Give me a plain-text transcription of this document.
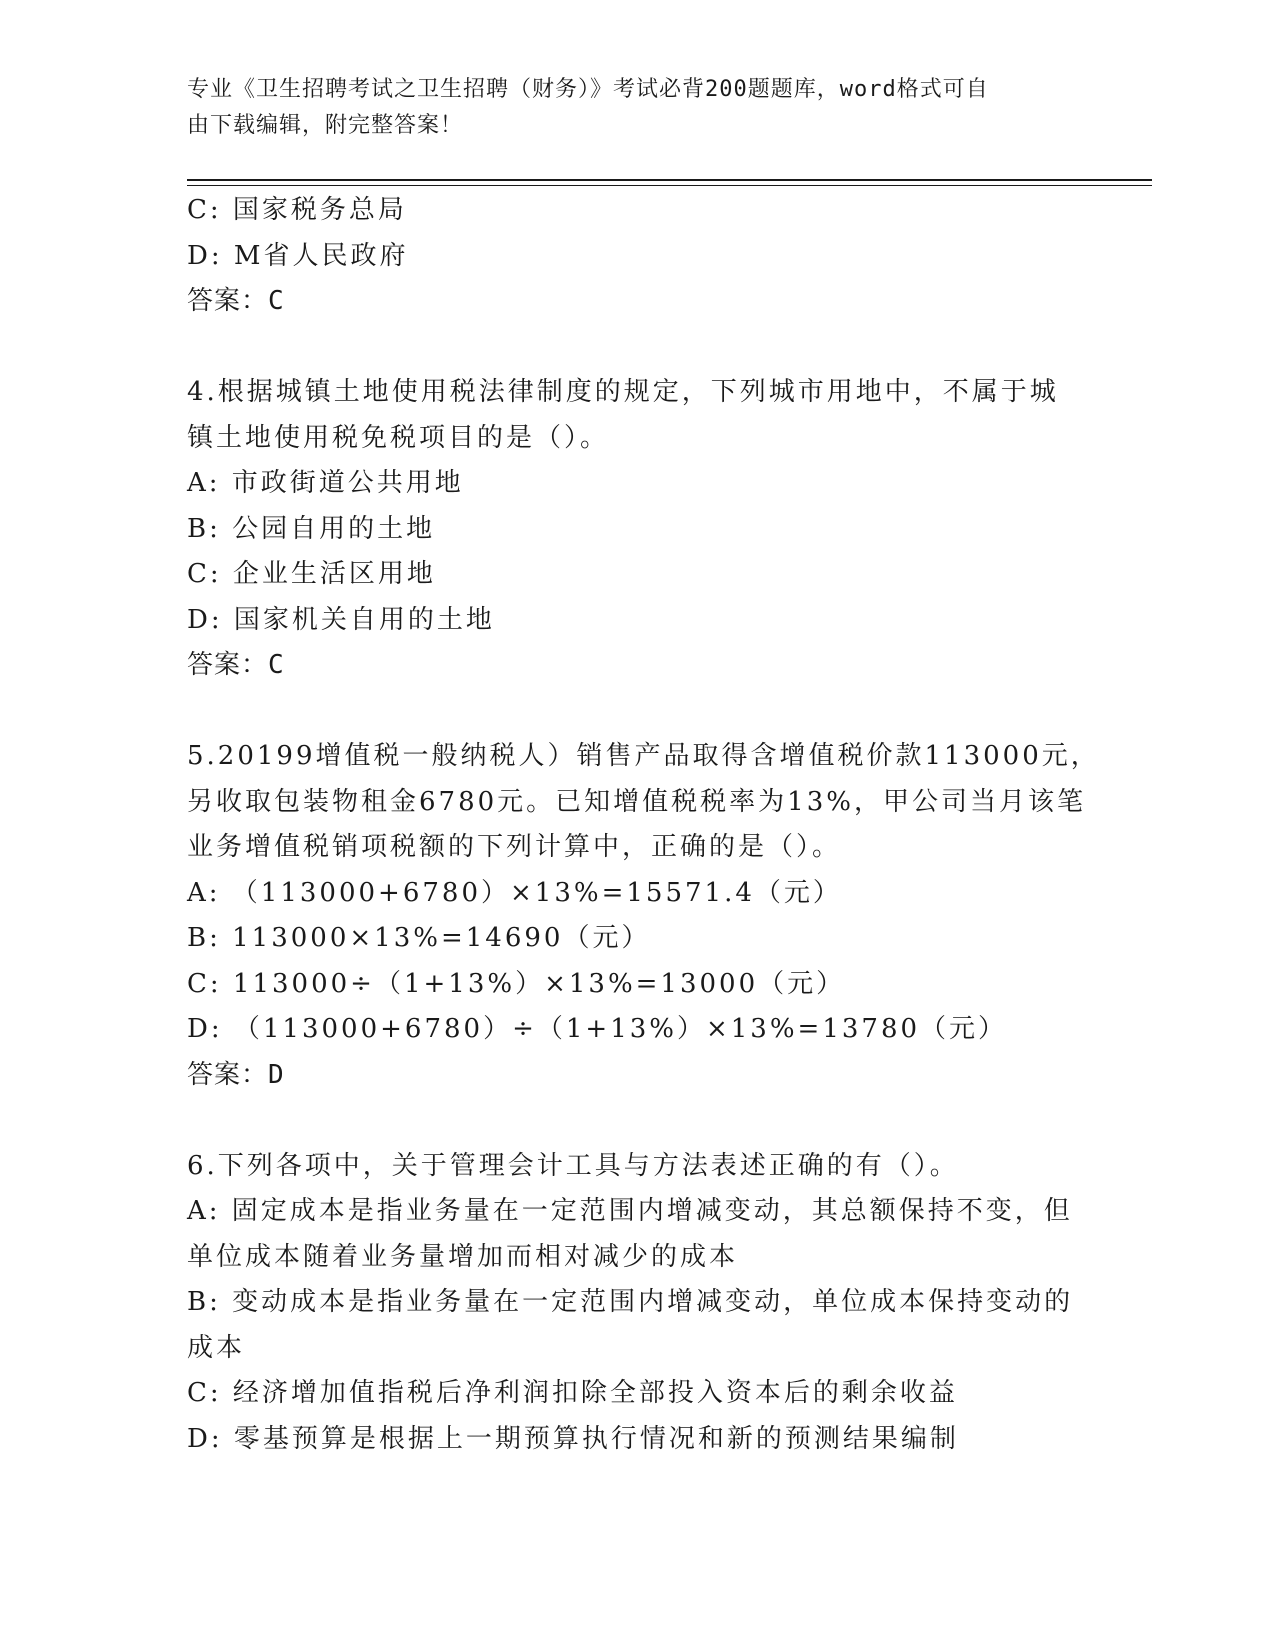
专业《卫生招聘考试之卫生招聘（财务）》考试必背200题题库，word格式可自
由下载编辑，附完整答案！
C: 国家税务总局
D: M省人民政府
答案：C
4.根据城镇土地使用税法律制度的规定，下列城市用地中，不属于城
镇土地使用税免税项目的是（）。
A: 市政街道公共用地
B: 公园自用的土地
C: 企业生活区用地
D: 国家机关自用的土地
答案：C
5.20199增值税一般纳税人）销售产品取得含增值税价款113000元，
另收取包装物租金6780元。已知增值税税率为13%，甲公司当月该笔
业务增值税销项税额的下列计算中，正确的是（）。
A: （113000+6780）×13%=15571.4（元）
B: 113000×13%=14690（元）
C: 113000÷（1+13%）×13%=13000（元）
D: （113000+6780）÷（1+13%）×13%=13780（元）
答案：D
6.下列各项中，关于管理会计工具与方法表述正确的有（）。
A: 固定成本是指业务量在一定范围内增减变动，其总额保持不变，但
单位成本随着业务量增加而相对减少的成本
B: 变动成本是指业务量在一定范围内增减变动，单位成本保持变动的
成本
C: 经济增加值指税后净利润扣除全部投入资本后的剩余收益
D: 零基预算是根据上一期预算执行情况和新的预测结果编制
